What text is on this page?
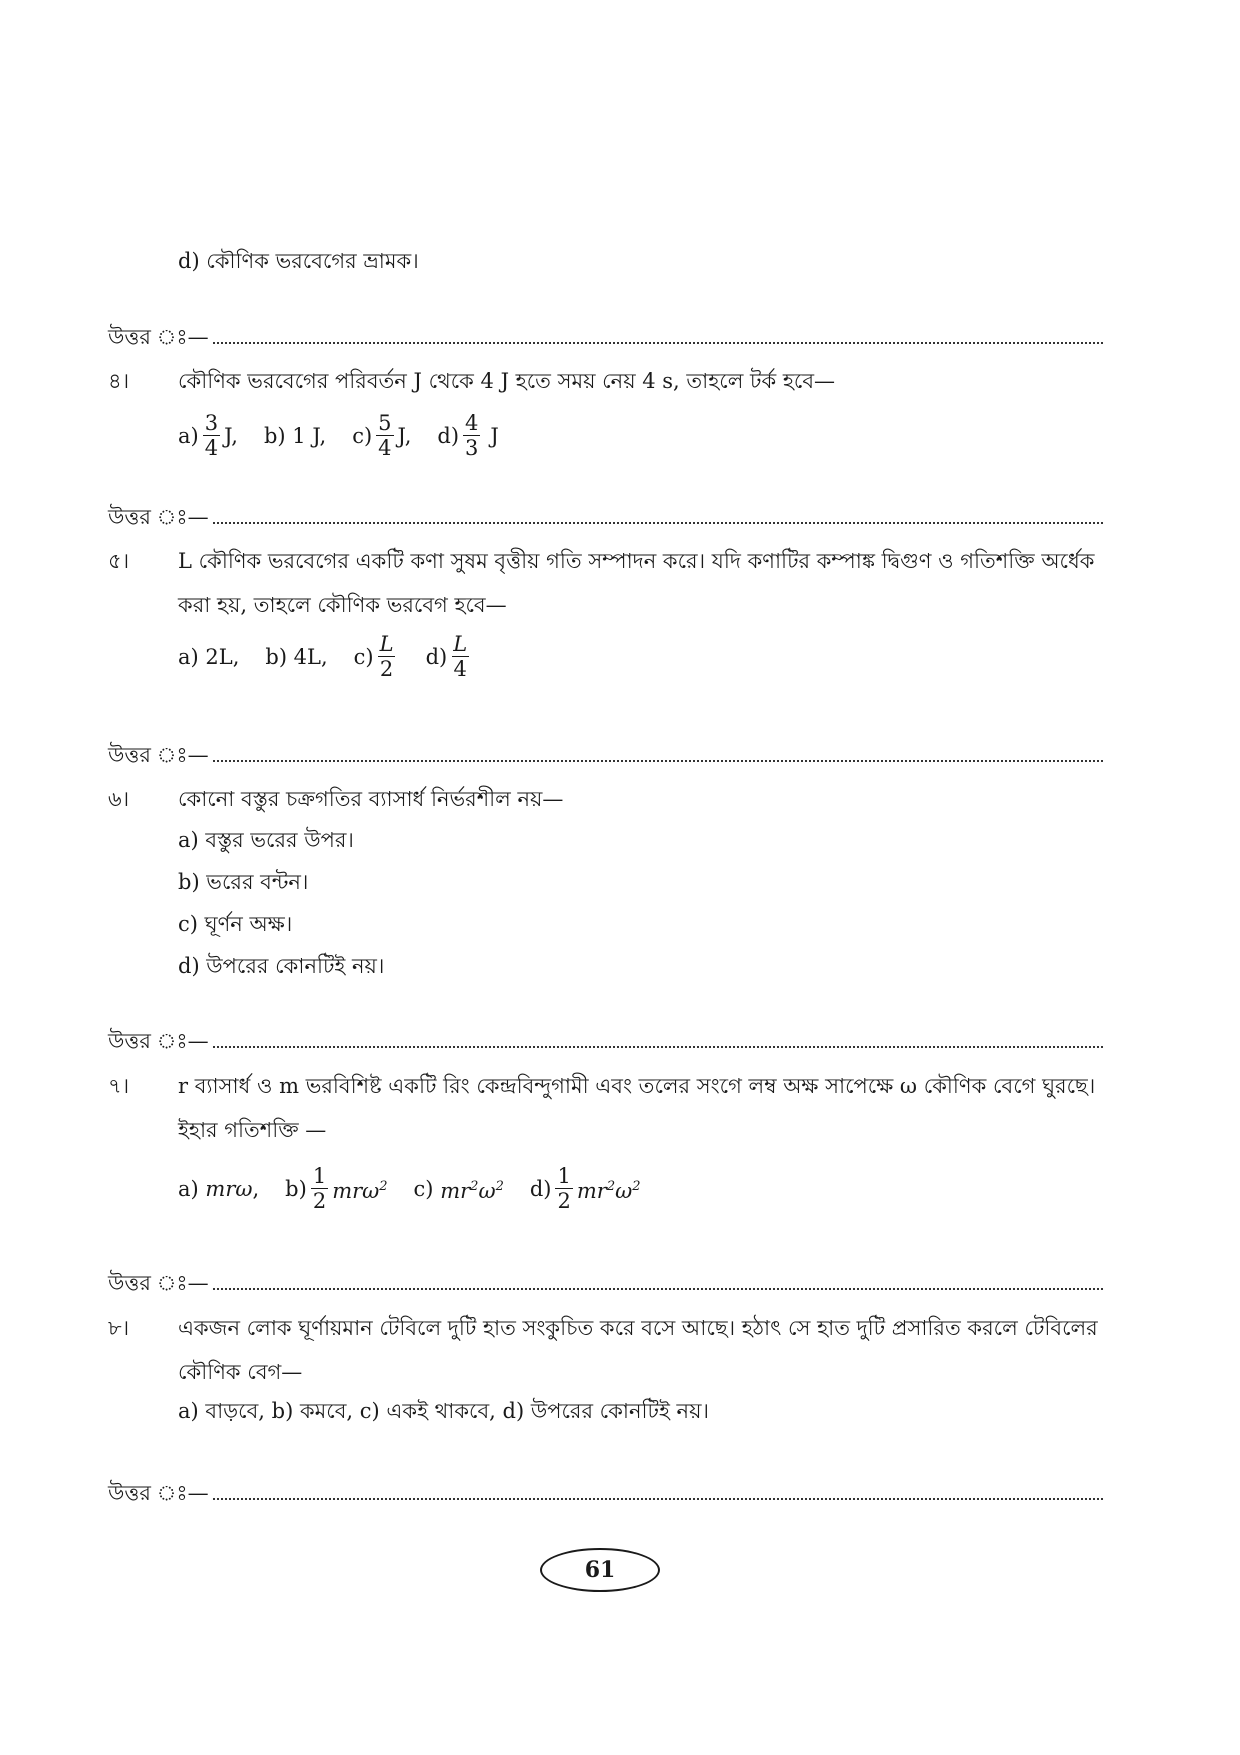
d) কৌণিক ভরবেগের ভ্রামক।
উত্তর ঃ—
৪। কৌণিক ভরবেগের পরিবর্তন J থেকে 4 J হতে সময় নেয় 4 s, তাহলে টর্ক হবে—
$a) \frac{3}{4} J$, b) 1 J, $c) \frac{5}{4} J$, $d) \frac{4}{3}$ J
উত্তর ঃ—
৫। L কৌণিক ভরবেগের একটি কণা সুষম বৃত্তীয় গতি সম্পাদন করে। যদি কণাটির কম্পাঙ্ক দ্বিগুণ ও গতিশক্তি অর্ধেক করা হয়, তাহলে কৌণিক ভরবেগ হবে—
a) 2L, b) 4L, $c) \frac{L}{2} d) \frac{L}{4}$
উত্তর ঃ—
৬। কোনো বস্তুর চক্রগতির ব্যাসার্ধ নির্ভরশীল নয়—
a) বস্তুর ভরের উপর।
b) ভরের বন্টন।
c) ঘূর্ণন অক্ষ।
d) উপরের কোনটিই নয়।
উত্তর ঃ—
৭। r ব্যাসার্ধ ও m ভরবিশিষ্ট একটি রিং কেন্দ্রবিন্দুগামী এবং তলের সংগে লম্ব অক্ষ সাপেক্ষে ω কৌণিক বেগে ঘুরছে। ইহার গতিশক্তি —
a)
mrω , $b) \frac{1}{2} mr\omega^2$ c)
$mr^2\omega^2$ $d) \frac{1}{2} mr^2\omega^2$
উত্তর ঃ—
৮। একজন লোক ঘূর্ণায়মান টেবিলে দুটি হাত সংকুচিত করে বসে আছে। হঠাৎ সে হাত দুটি প্রসারিত করলে টেবিলের কৌণিক বেগ—
a) বাড়বে, b) কমবে, c) একই থাকবে, d) উপরের কোনটিই নয়।
উত্তর ঃ—
61
